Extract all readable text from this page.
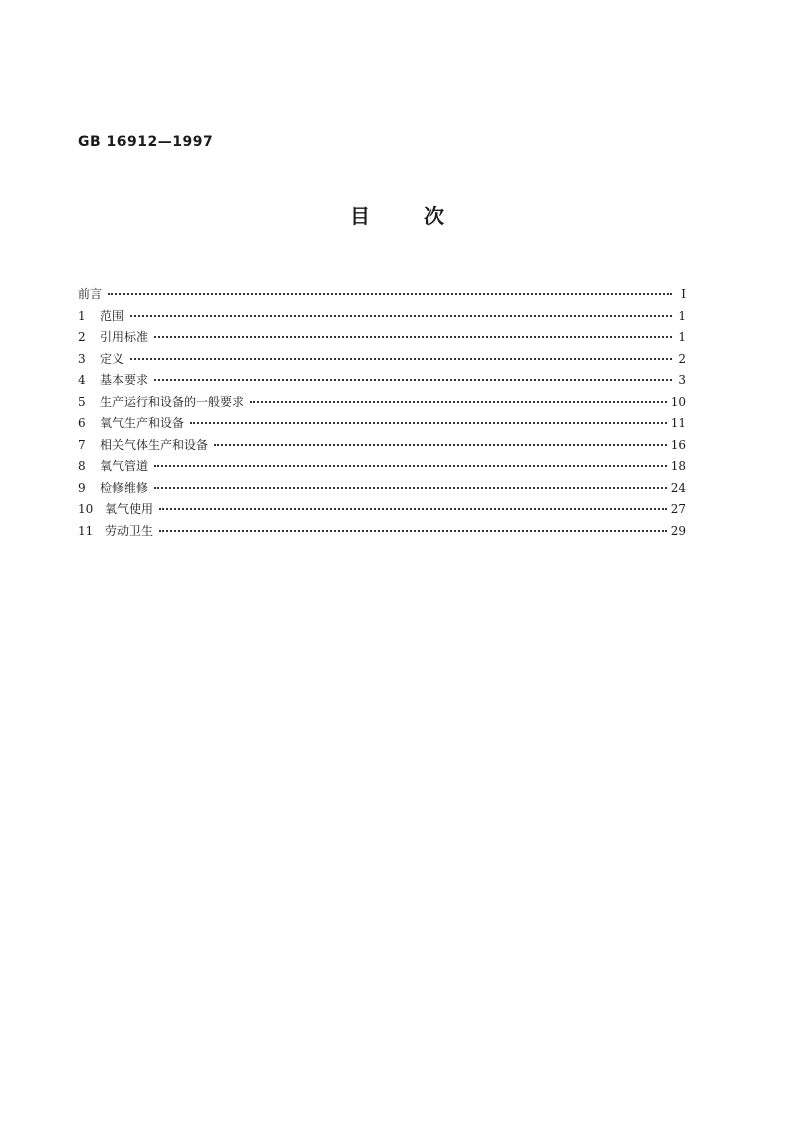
GB 16912—1997
目	次
前言	I
1	范围	1
2	引用标准	1
3	定义	2
4	基本要求	3
5	生产运行和设备的一般要求	10
6	氧气生产和设备	11
7	相关气体生产和设备	16
8	氧气管道	18
9	检修维修	24
10 氧气使用	27
11 劳动卫生	29
